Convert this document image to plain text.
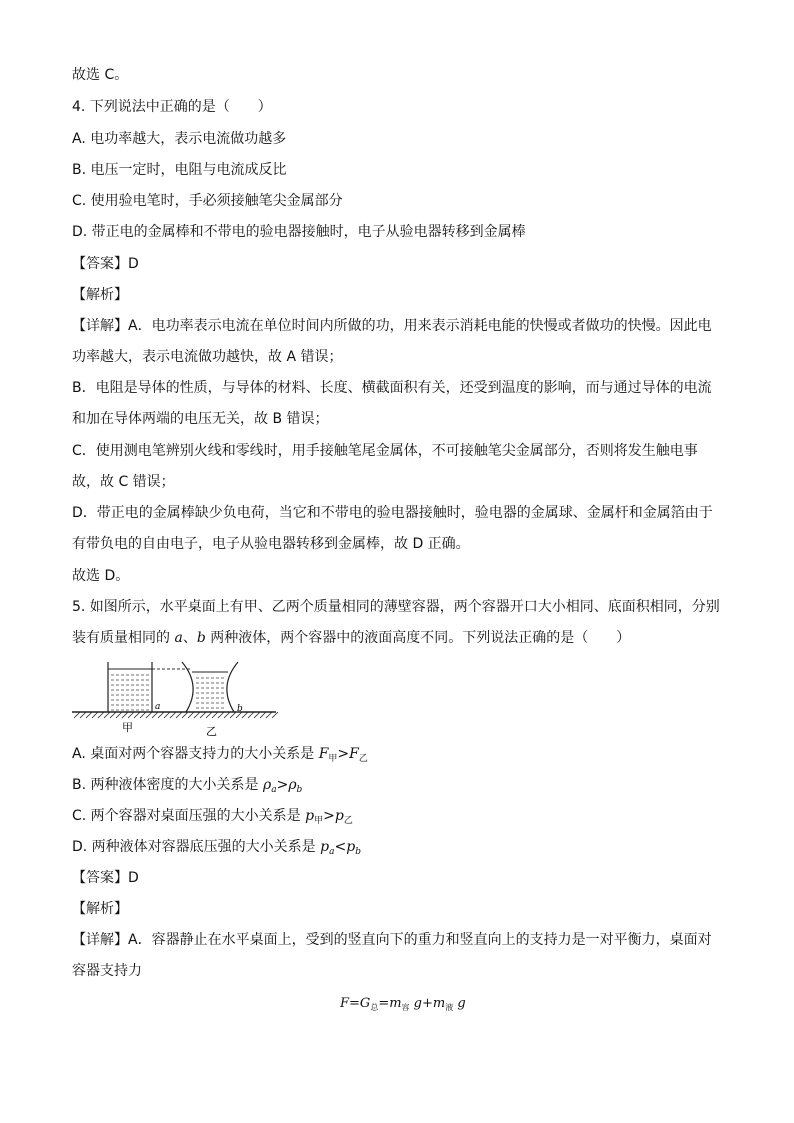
故选 C。
4. 下列说法中正确的是（　　）
A. 电功率越大，表示电流做功越多
B. 电压一定时，电阻与电流成反比
C. 使用验电笔时，手必须接触笔尖金属部分
D. 带正电的金属棒和不带电的验电器接触时，电子从验电器转移到金属棒
【答案】D
【解析】
【详解】A．电功率表示电流在单位时间内所做的功，用来表示消耗电能的快慢或者做功的快慢。因此电
功率越大，表示电流做功越快，故 A 错误；
B．电阻是导体的性质，与导体的材料、长度、横截面积有关，还受到温度的影响，而与通过导体的电流
和加在导体两端的电压无关，故 B 错误；
C．使用测电笔辨别火线和零线时，用手接触笔尾金属体，不可接触笔尖金属部分，否则将发生触电事
故，故 C 错误；
D．带正电的金属棒缺少负电荷，当它和不带电的验电器接触时，验电器的金属球、金属杆和金属箔由于
有带负电的自由电子，电子从验电器转移到金属棒，故 D 正确。
故选 D。
5. 如图所示，水平桌面上有甲、乙两个质量相同的薄壁容器，两个容器开口大小相同、底面积相同，分别
装有质量相同的 a、b 两种液体，两个容器中的液面高度不同。下列说法正确的是（　　）
a	b
甲	乙
A. 桌面对两个容器支持力的大小关系是 $F_甲>F_乙$
B. 两种液体密度的大小关系是 $\rho_a>\rho_b$
C. 两个容器对桌面压强的大小关系是 $p_甲>p_乙$
D. 两种液体对容器底压强的大小关系是 $p_a<p_b$
【答案】D
【解析】
【详解】A．容器静止在水平桌面上，受到的竖直向下的重力和竖直向上的支持力是一对平衡力，桌面对
容器支持力
$F=G_总=m_容$ $g+m_液$ g
